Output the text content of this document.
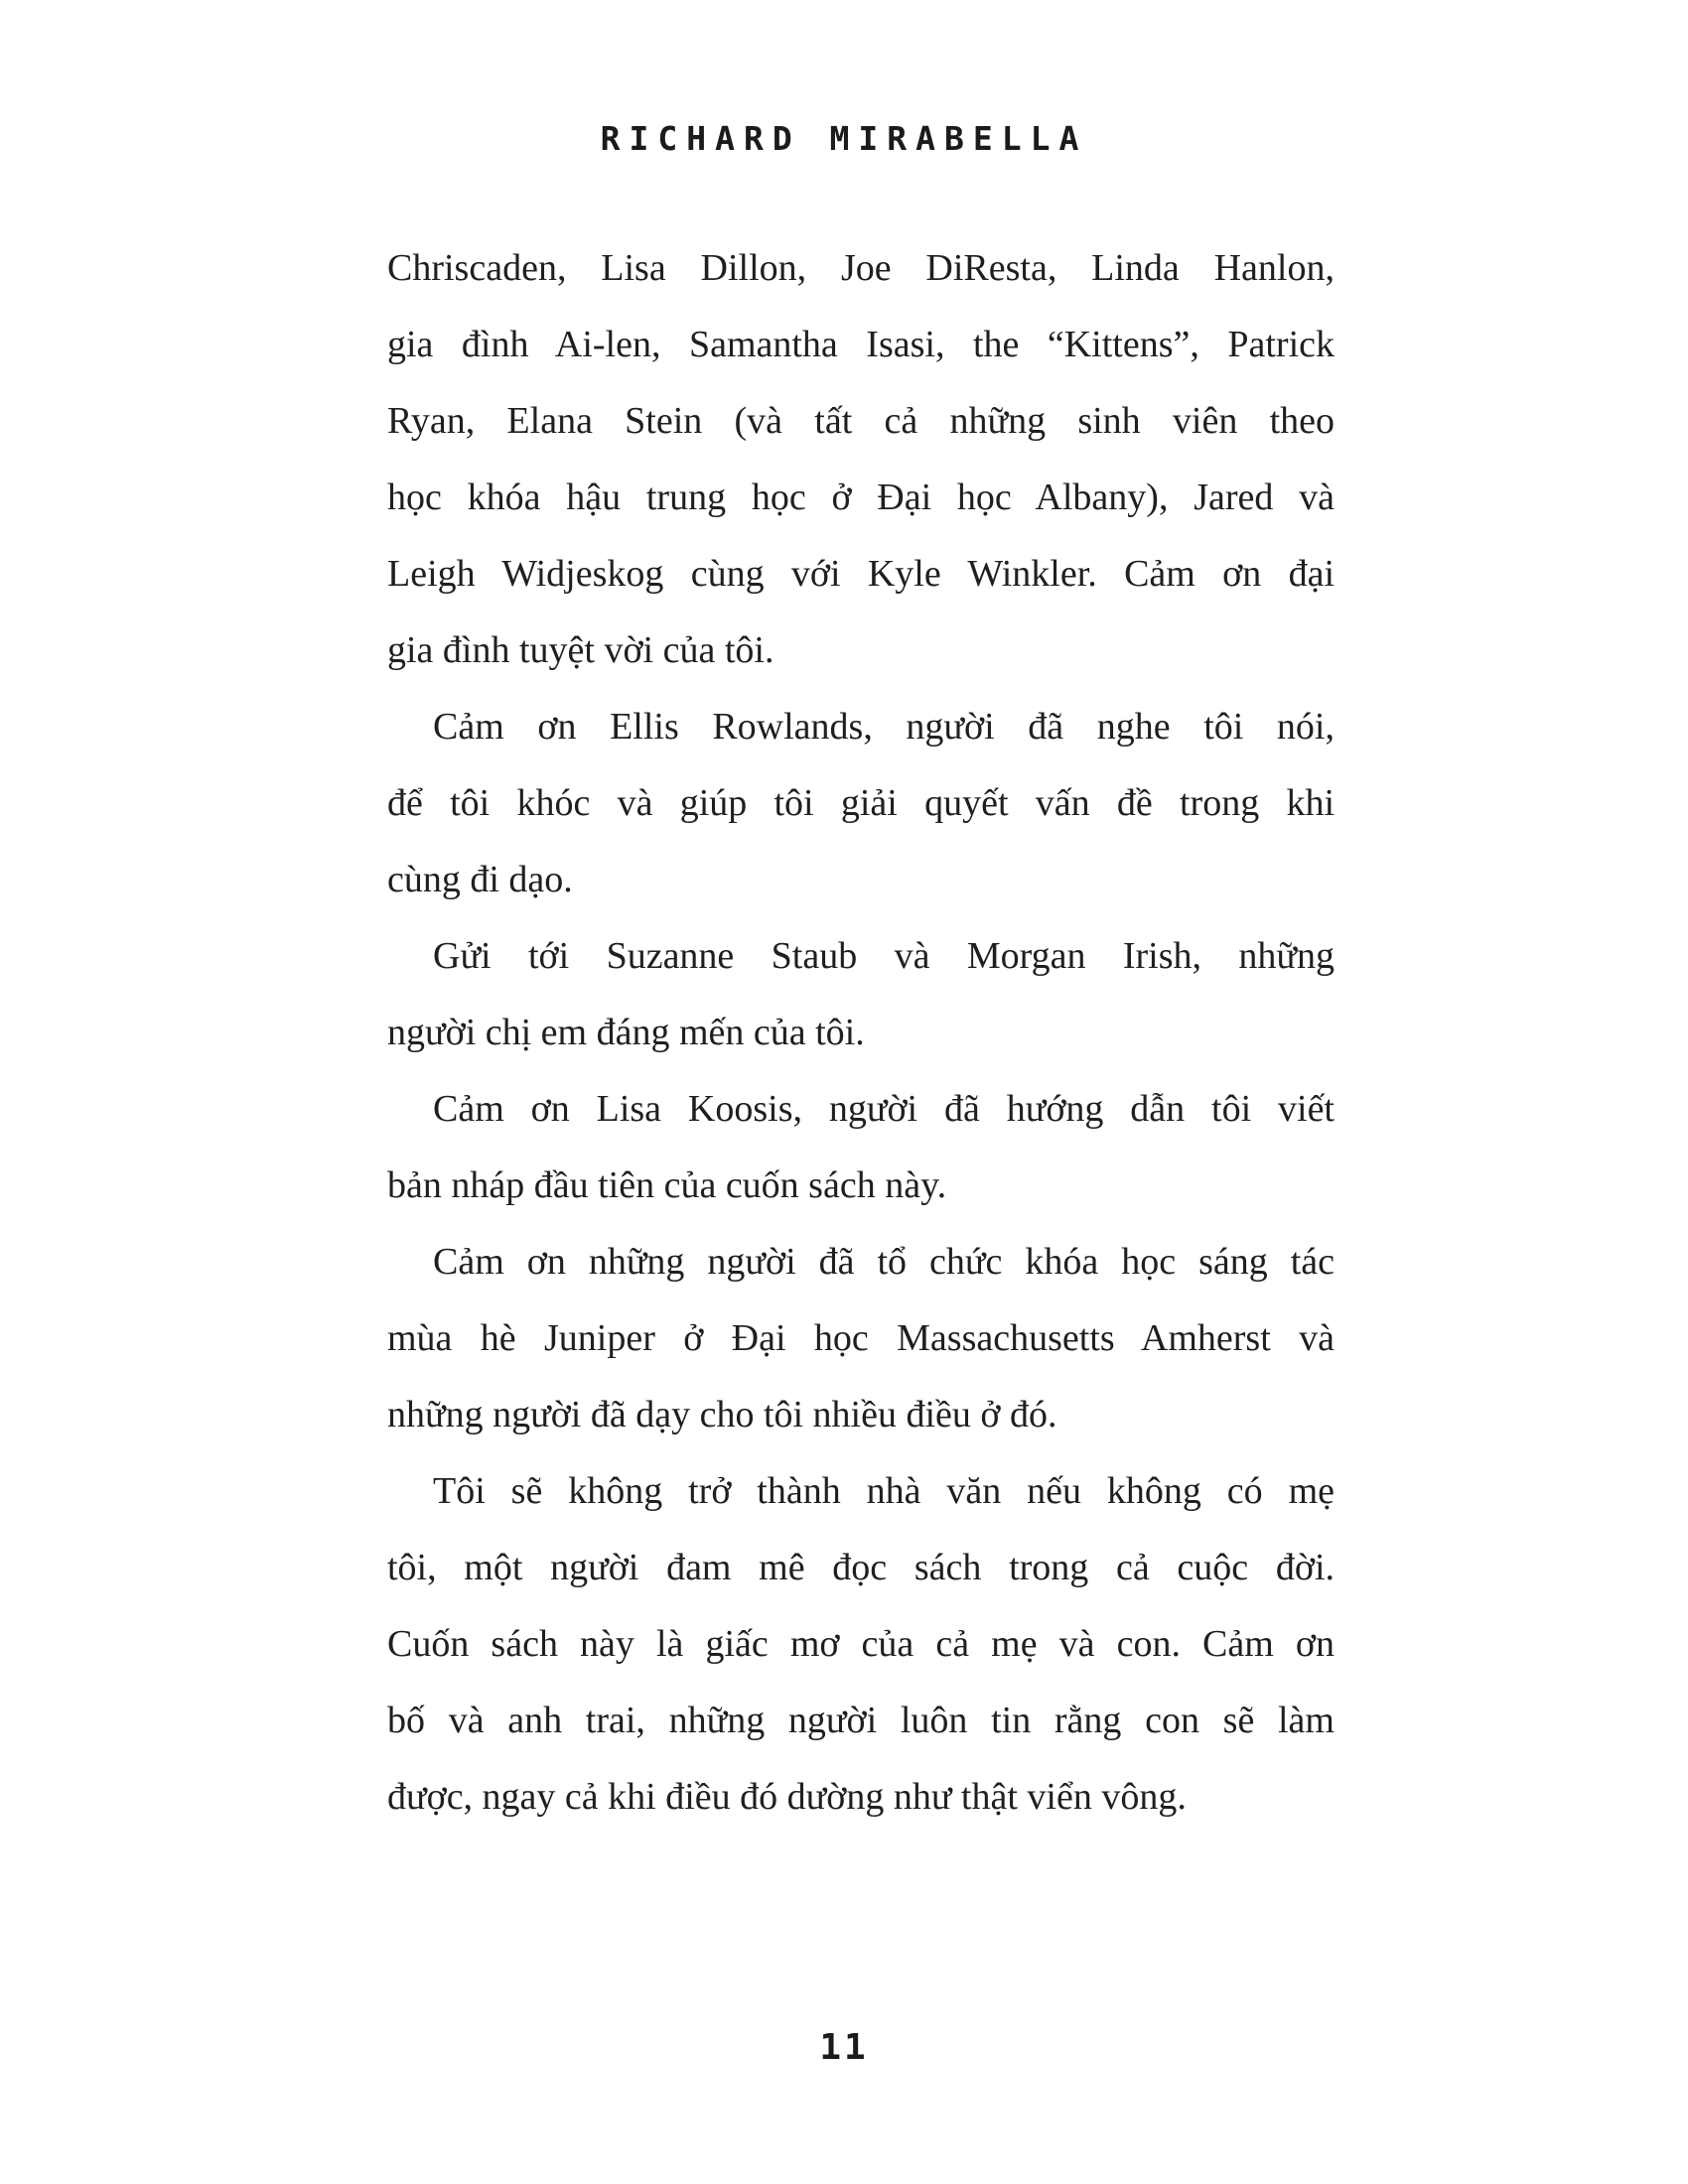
RICHARD MIRABELLA
Chriscaden, Lisa Dillon, Joe DiResta, Linda Hanlon,
gia đình Ai-len, Samantha Isasi, the “Kittens”, Patrick
Ryan, Elana Stein (và tất cả những sinh viên theo
học khóa hậu trung học ở Đại học Albany), Jared và
Leigh Widjeskog cùng với Kyle Winkler. Cảm ơn đại
gia đình tuyệt vời của tôi.
Cảm ơn Ellis Rowlands, người đã nghe tôi nói,
để tôi khóc và giúp tôi giải quyết vấn đề trong khi
cùng đi dạo.
Gửi tới Suzanne Staub và Morgan Irish, những
người chị em đáng mến của tôi.
Cảm ơn Lisa Koosis, người đã hướng dẫn tôi viết
bản nháp đầu tiên của cuốn sách này.
Cảm ơn những người đã tổ chức khóa học sáng tác
mùa hè Juniper ở Đại học Massachusetts Amherst và
những người đã dạy cho tôi nhiều điều ở đó.
Tôi sẽ không trở thành nhà văn nếu không có mẹ
tôi, một người đam mê đọc sách trong cả cuộc đời.
Cuốn sách này là giấc mơ của cả mẹ và con. Cảm ơn
bố và anh trai, những người luôn tin rằng con sẽ làm
được, ngay cả khi điều đó dường như thật viển vông.
11
